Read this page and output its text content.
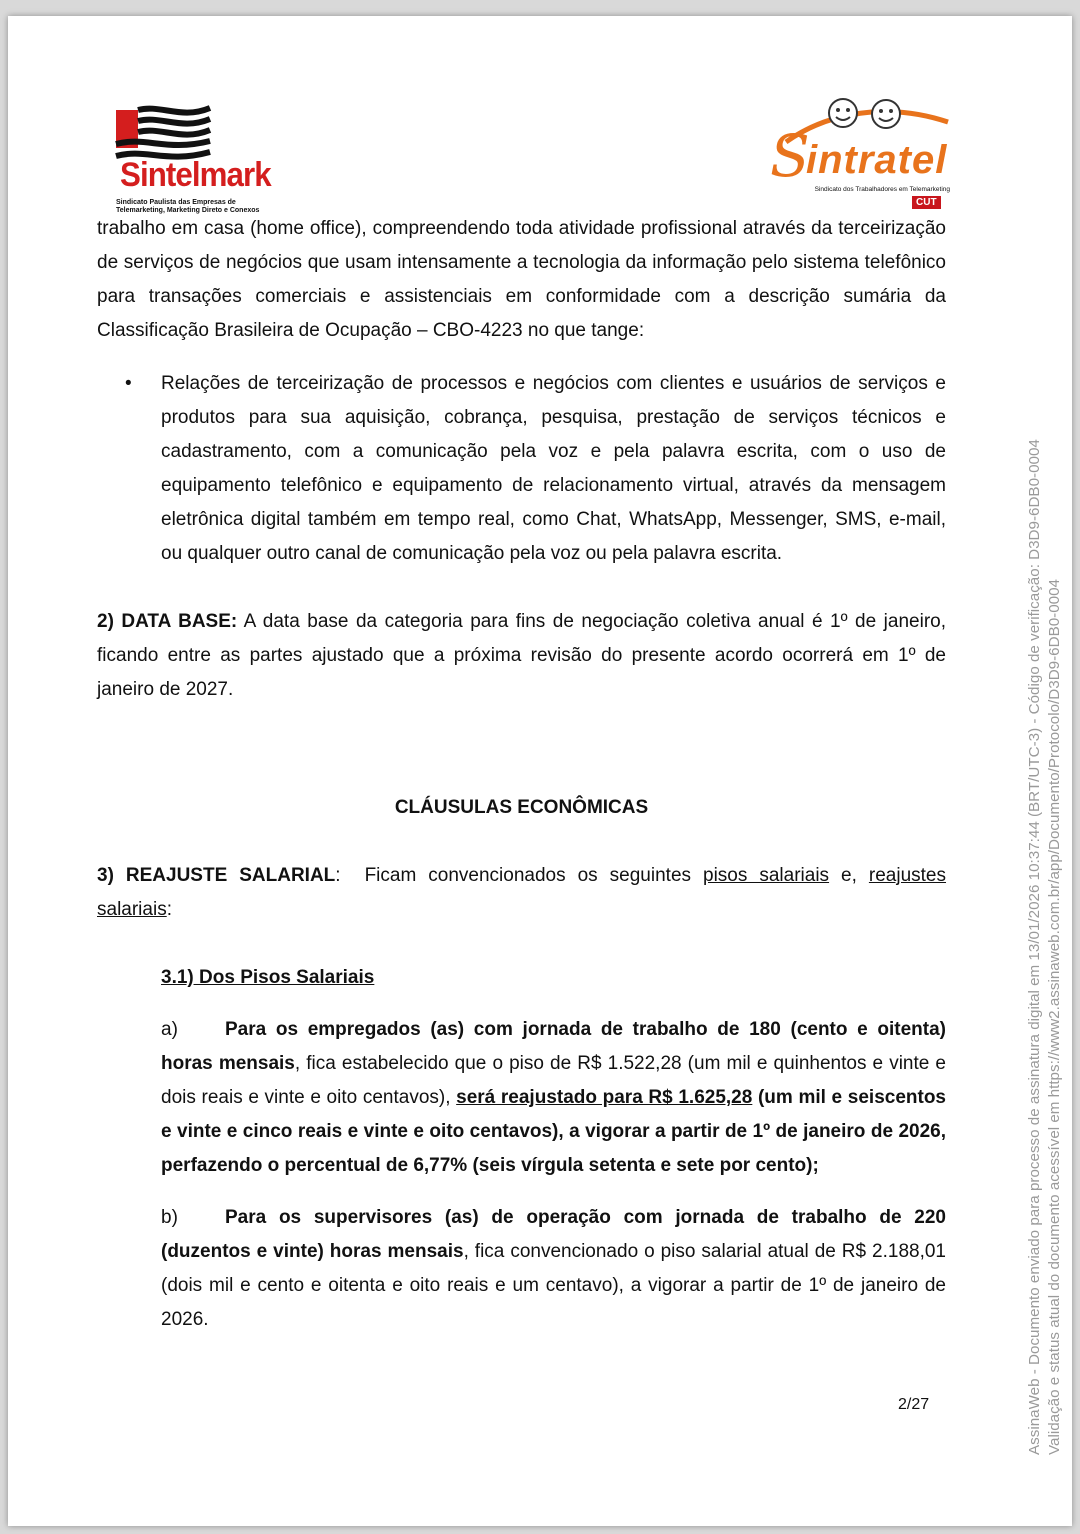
Sintelmark
Sindicato Paulista das Empresas de
Telemarketing, Marketing Direto e Conexos
S
intratel
Sindicato dos Trabalhadores em Telemarketing
CUT

trabalho em casa (home office), compreendendo toda atividade profissional através da terceirização de serviços de negócios que usam intensamente a tecnologia da informação pelo sistema telefônico para transações comerciais e assistenciais em conformidade com a descrição sumária da Classificação Brasileira de Ocupação – CBO-4223 no que tange:

• Relações de terceirização de processos e negócios com clientes e usuários de serviços e produtos para sua aquisição, cobrança, pesquisa, prestação de serviços técnicos e cadastramento, com a comunicação pela voz e pela palavra escrita, com o uso de equipamento telefônico e equipamento de relacionamento virtual, através da mensagem eletrônica digital também em tempo real, como Chat, WhatsApp, Messenger, SMS, e-mail, ou qualquer outro canal de comunicação pela voz ou pela palavra escrita.

2) DATA BASE: A data base da categoria para fins de negociação coletiva anual é 1º de janeiro, ficando entre as partes ajustado que a próxima revisão do presente acordo ocorrerá em 1º de janeiro de 2027.

CLÁUSULAS ECONÔMICAS

3) REAJUSTE SALARIAL:  Ficam convencionados os seguintes pisos salariais e, reajustes salariais:

3.1) Dos Pisos Salariais

a) Para os empregados (as) com jornada de trabalho de 180 (cento e oitenta) horas mensais, fica estabelecido que o piso de R$ 1.522,28 (um mil e quinhentos e vinte e dois reais e vinte e oito centavos), será reajustado para R$ 1.625,28 (um mil e seiscentos e vinte e cinco reais e vinte e oito centavos), a vigorar a partir de 1º de janeiro de 2026, perfazendo o percentual de 6,77% (seis vírgula setenta e sete por cento);

b) Para os supervisores (as) de operação com jornada de trabalho de 220 (duzentos e vinte) horas mensais, fica convencionado o piso salarial atual de R$ 2.188,01 (dois mil e cento e oitenta e oito reais e um centavo), a vigorar a partir de 1º de janeiro de 2026.

2/27	AssinaWeb - Documento enviado para processo de assinatura digital em 13/01/2026 10:37:44 (BRT/UTC-3) - Código de verificação: D3D9-6DB0-0004 Validação e status atual do documento acessível em https://www2.assinaweb.com.br/app/Documento/Protocolo/D3D9-6DB0-0004
